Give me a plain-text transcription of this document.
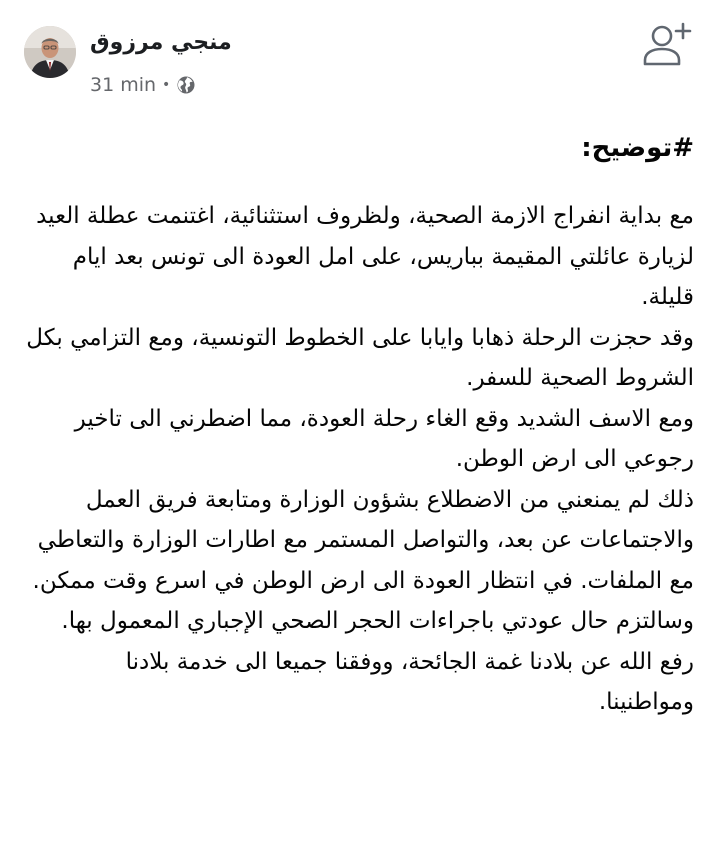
منجي مرزوق
31 min •
#توضيح:
مع بداية انفراج الازمة الصحية، ولظروف استثنائية، اغتنمت عطلة العيد لزيارة عائلتي المقيمة بباريس، على امل العودة الى تونس بعد ايام قليلة.
وقد حجزت الرحلة ذهابا وايابا على الخطوط التونسية، ومع التزامي بكل الشروط الصحية للسفر.
ومع الاسف الشديد وقع الغاء رحلة العودة، مما اضطرني الى تاخير رجوعي الى ارض الوطن.
ذلك لم يمنعني من الاضطلاع بشؤون الوزارة ومتابعة فريق العمل والاجتماعات عن بعد، والتواصل المستمر مع اطارات الوزارة والتعاطي مع الملفات. في انتظار العودة الى ارض الوطن في اسرع وقت ممكن.
وسالتزم حال عودتي باجراءات الحجر الصحي الإجباري المعمول بها.
رفع الله عن بلادنا غمة الجائحة، ووفقنا جميعا الى خدمة بلادنا ومواطنينا.
